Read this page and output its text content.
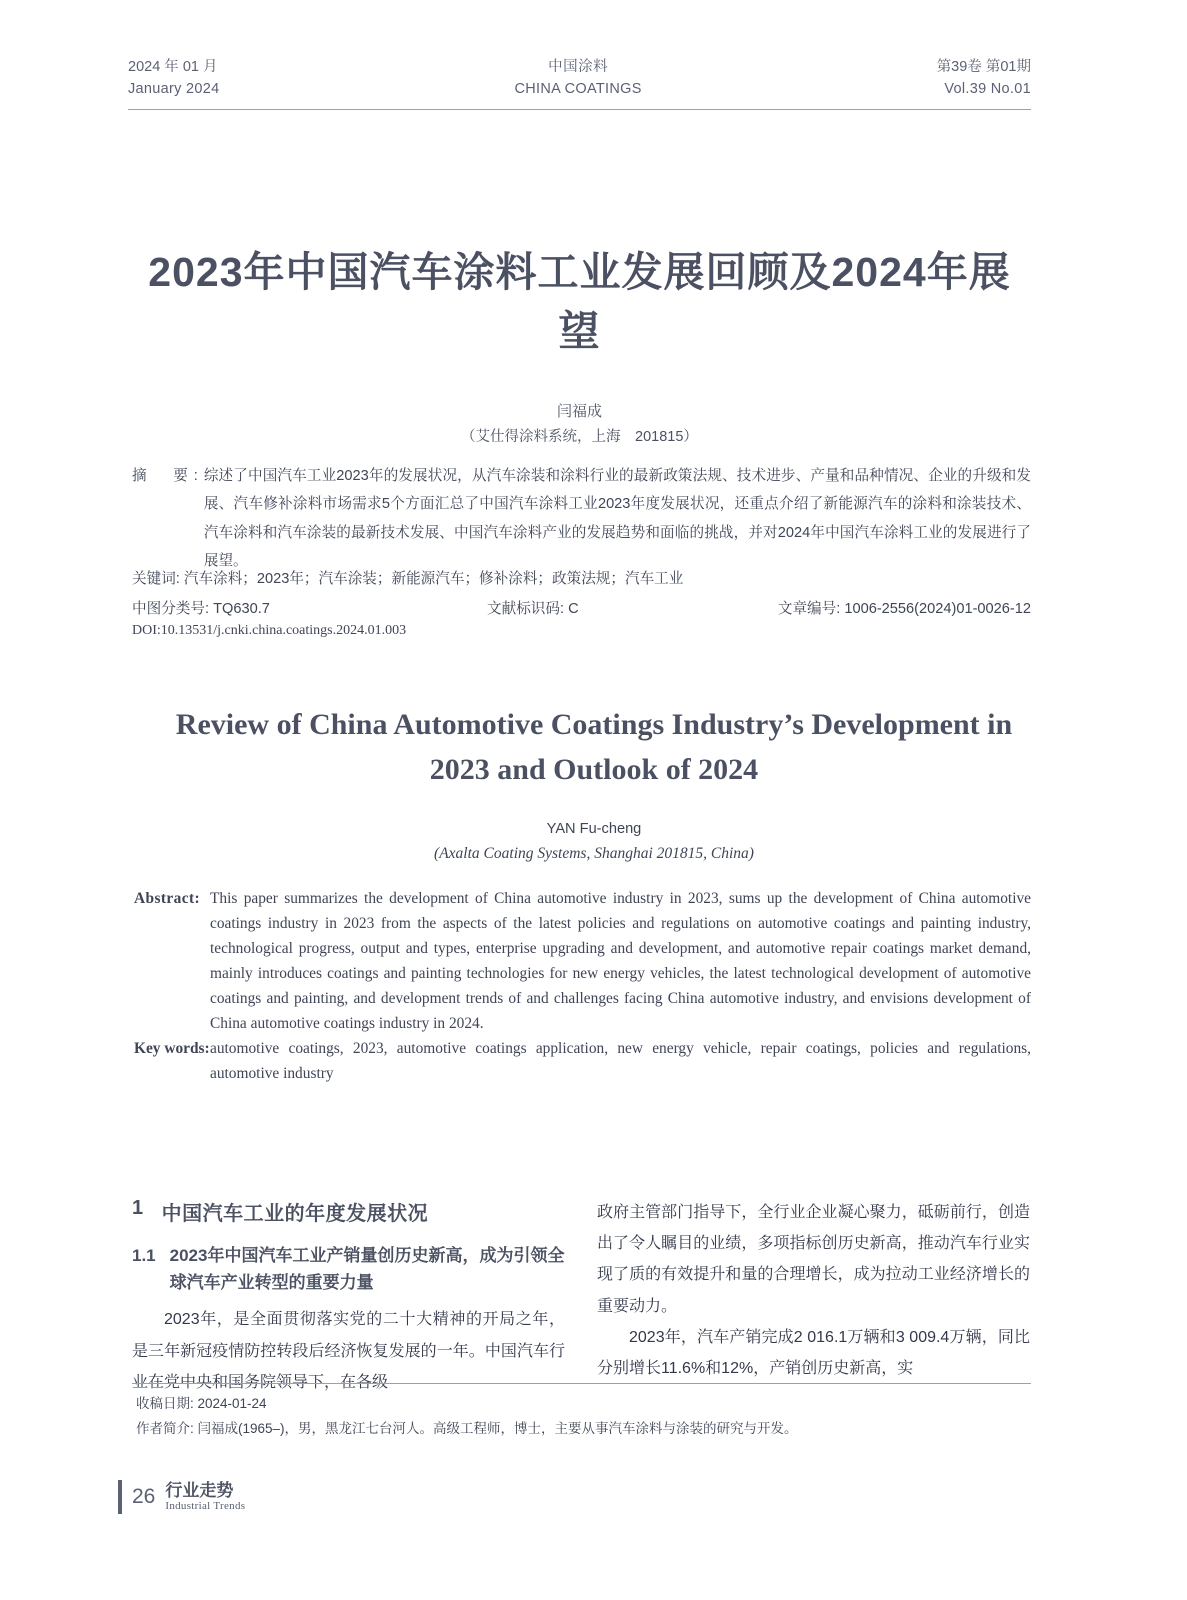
2024 年 01 月
January 2024
中国涂料
CHINA COATINGS
第39卷 第01期
Vol.39 No.01
2023年中国汽车涂料工业发展回顾及2024年展望
闫福成
（艾仕得涂料系统，上海　201815）
摘　要: 综述了中国汽车工业2023年的发展状况，从汽车涂装和涂料行业的最新政策法规、技术进步、产量和品种情况、企业的升级和发展、汽车修补涂料市场需求5个方面汇总了中国汽车涂料工业2023年度发展状况，还重点介绍了新能源汽车的涂料和涂装技术、汽车涂料和汽车涂装的最新技术发展、中国汽车涂料产业的发展趋势和面临的挑战，并对2024年中国汽车涂料工业的发展进行了展望。
关键词: 汽车涂料；2023年；汽车涂装；新能源汽车；修补涂料；政策法规；汽车工业
中图分类号: TQ630.7	文献标识码: C	文章编号: 1006-2556(2024)01-0026-12
DOI:10.13531/j.cnki.china.coatings.2024.01.003
Review of China Automotive Coatings Industry’s Development in 2023 and Outlook of 2024
YAN Fu-cheng
(Axalta Coating Systems, Shanghai 201815, China)
Abstract: This paper summarizes the development of China automotive industry in 2023, sums up the development of China automotive coatings industry in 2023 from the aspects of the latest policies and regulations on automotive coatings and painting industry, technological progress, output and types, enterprise upgrading and development, and automotive repair coatings market demand, mainly introduces coatings and painting technologies for new energy vehicles, the latest technological development of automotive coatings and painting, and development trends of and challenges facing China automotive industry, and envisions development of China automotive coatings industry in 2024.
Key words: automotive coatings, 2023, automotive coatings application, new energy vehicle, repair coatings, policies and regulations, automotive industry
1 中国汽车工业的年度发展状况
1.1 2023年中国汽车工业产销量创历史新高，成为引领全球汽车产业转型的重要力量

2023年，是全面贯彻落实党的二十大精神的开局之年，是三年新冠疫情防控转段后经济恢复发展的一年。中国汽车行业在党中央和国务院领导下，在各级

政府主管部门指导下，全行业企业凝心聚力，砥砺前行，创造出了令人瞩目的业绩，多项指标创历史新高，推动汽车行业实现了质的有效提升和量的合理增长，成为拉动工业经济增长的重要动力。

2023年，汽车产销完成2 016.1万辆和3 009.4万辆，同比分别增长11.6%和12%，产销创历史新高，实

收稿日期: 2024-01-24
作者简介: 闫福成(1965–)，男，黑龙江七台河人。高级工程师，博士，主要从事汽车涂料与涂装的研究与开发。
26 行业走势
Industrial Trends
